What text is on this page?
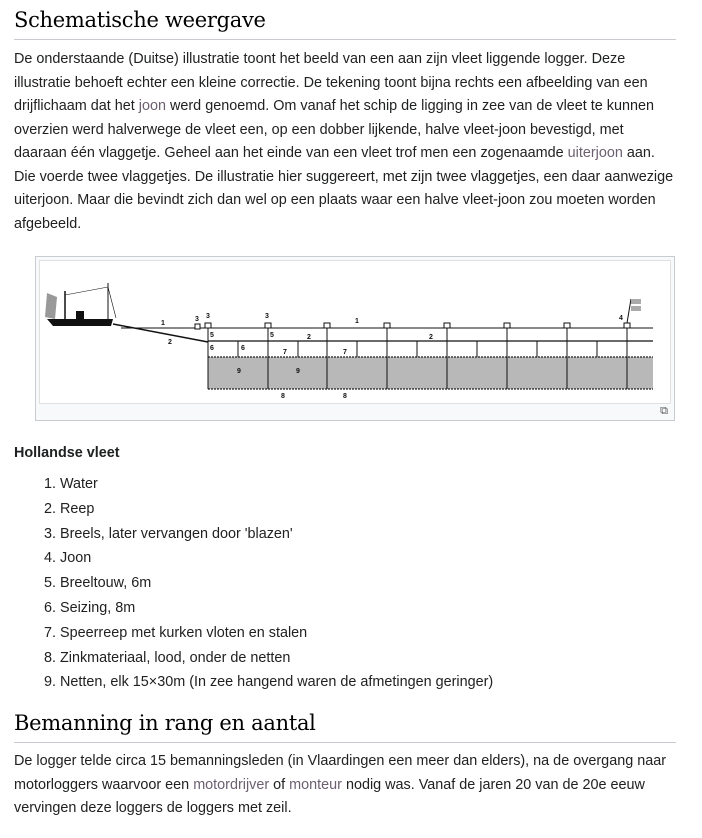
Schematische weergave

De onderstaande (Duitse) illustratie toont het beeld van een aan zijn vleet liggende logger. Deze illustratie behoeft echter een kleine correctie. De tekening toont bijna rechts een afbeelding van een drijflichaam dat het joon werd genoemd. Om vanaf het schip de ligging in zee van de vleet te kunnen overzien werd halverwege de vleet een, op een dobber lijkende, halve vleet-joon bevestigd, met daaraan één vlaggetje. Geheel aan het einde van een vleet trof men een zogenaamde uiterjoon aan. Die voerde twee vlaggetjes. De illustratie hier suggereert, met zijn twee vlaggetjes, een daar aanwezige uiterjoon. Maar die bevindt zich dan wel op een plaats waar een halve vleet-joon zou moeten worden afgebeeld.

1	1
2
2	2
3 3	3	4
5	5
6	6
7	7
8	8
9	9
⧉
Hollandse vleet
1. Water
2. Reep
3. Breels, later vervangen door 'blazen'
4. Joon
5. Breeltouw, 6m
6. Seizing, 8m
7. Speerreep met kurken vloten en stalen
8. Zinkmateriaal, lood, onder de netten
9. Netten, elk 15×30m (In zee hangend waren de afmetingen geringer)
Bemanning in rang en aantal

De logger telde circa 15 bemanningsleden (in Vlaardingen een meer dan elders), na de overgang naar motorloggers waarvoor een motordrijver of monteur nodig was. Vanaf de jaren 20 van de 20e eeuw vervingen deze loggers de loggers met zeil.
